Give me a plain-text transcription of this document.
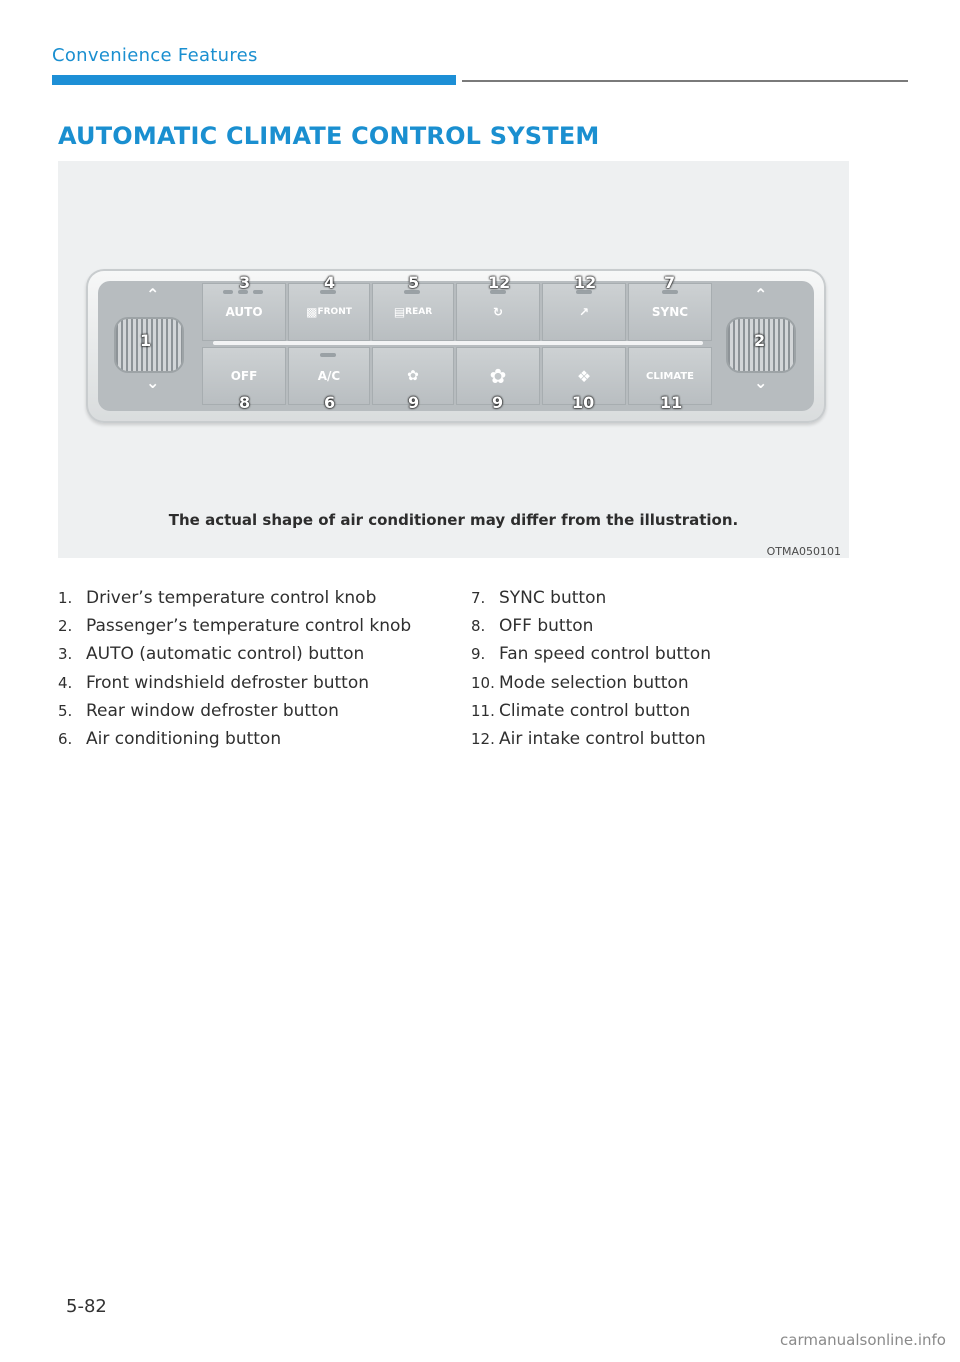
Convenience Features
AUTOMATIC CLIMATE CONTROL SYSTEM
⌃
⌄
⌃
⌄
AUTO	▩ FRONT	▤ REAR	↻	↗	SYNC
OFF	A/C	✿	✿	❖	CLIMATE
1	2
3	4	5	12	12	7
8	6	9	9	10	11
The actual shape of air conditioner may differ from the illustration.
OTMA050101
1. Driver’s temperature control knob
2. Passenger’s temperature control knob
3. AUTO (automatic control) button
4. Front windshield defroster button
5. Rear window defroster button
6. Air conditioning button
7. SYNC button
8. OFF button
9. Fan speed control button
10. Mode selection button
11. Climate control button
12. Air intake control button
5-82
carmanualsonline.info
